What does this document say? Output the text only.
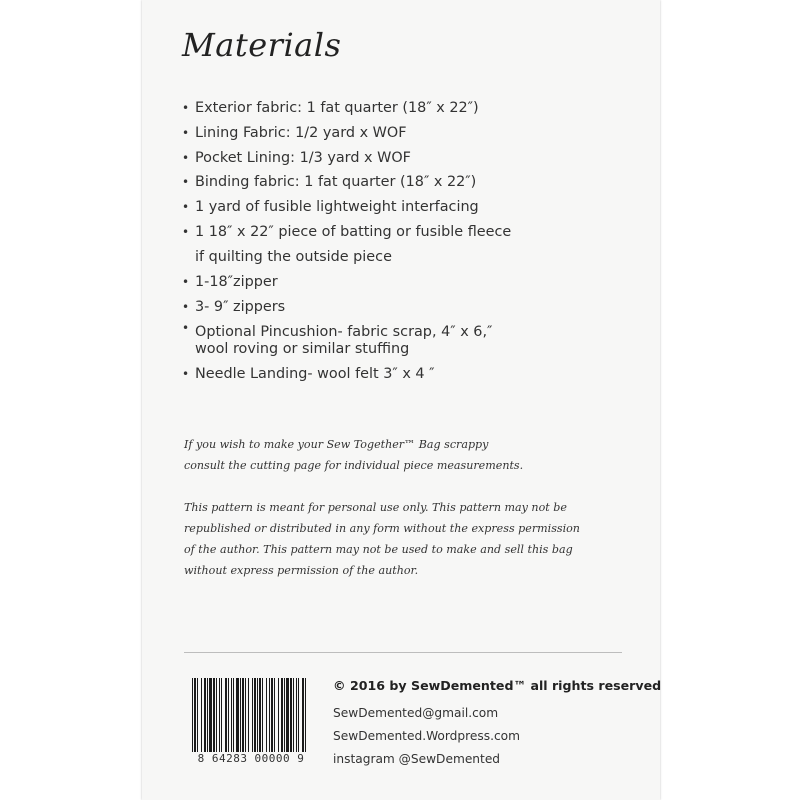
Materials
• Exterior fabric: 1 fat quarter (18″ x 22″)
• Lining Fabric: 1/2 yard x WOF
• Pocket Lining: 1/3 yard x WOF
• Binding fabric: 1 fat quarter (18″ x 22″)
• 1 yard of fusible lightweight interfacing
• 1 18″ x 22″ piece of batting or fusible fleece
if quilting the outside piece
• 1-18″zipper
• 3- 9″ zippers
• Optional Pincushion- fabric scrap, 4″ x 6,″
wool roving or similar stuffing
• Needle Landing- wool felt 3″ x 4 ″
If you wish to make your Sew Together™ Bag scrappy
consult the cutting page for individual piece measurements.
This pattern is meant for personal use only. This pattern may not be
republished or distributed in any form without the express permission
of the author. This pattern may not be used to make and sell this bag
without express permission of the author.
8 64283 00000 9
© 2016 by SewDemented™ all rights reserved
SewDemented@gmail.com
SewDemented.Wordpress.com
instagram @SewDemented
